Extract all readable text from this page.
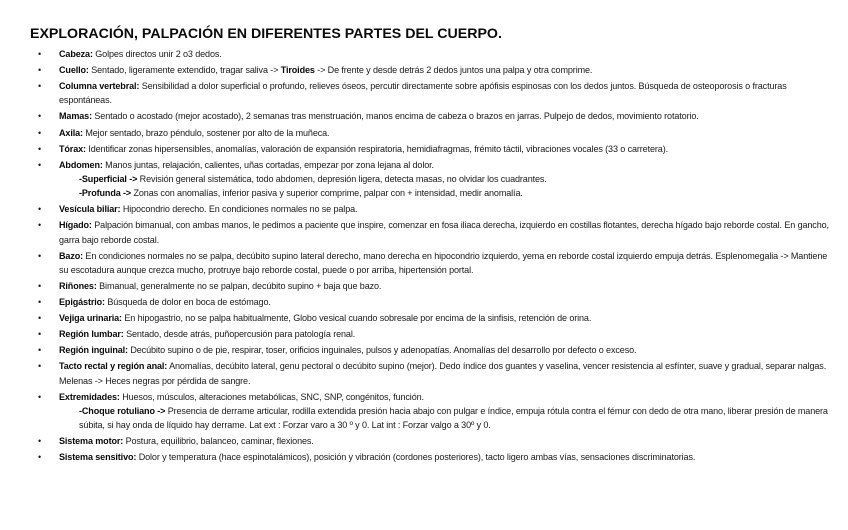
EXPLORACIÓN, PALPACIÓN EN DIFERENTES PARTES DEL CUERPO.
• Cabeza: Golpes directos unir 2 o3 dedos.
• Cuello: Sentado, ligeramente extendido, tragar saliva -> Tiroides -> De frente y desde detrás 2 dedos juntos una palpa y otra comprime.
• Columna vertebral: Sensibilidad a dolor superficial o profundo, relieves óseos, percutir directamente sobre apófisis espinosas con los dedos juntos. Búsqueda de osteoporosis o fracturas espontáneas.
• Mamas: Sentado o acostado (mejor acostado), 2 semanas tras menstruación, manos encima de cabeza o brazos en jarras. Pulpejo de dedos, movimiento rotatorio.
• Axila: Mejor sentado, brazo péndulo, sostener por alto de la muñeca.
• Tórax: Identificar zonas hipersensibles, anomalías, valoración de expansión respiratoria, hemidiafragmas, frémito táctil, vibraciones vocales (33 o carretera).
• Abdomen: Manos juntas, relajación, calientes, uñas cortadas, empezar por zona lejana al dolor.
-Superficial -> Revisión general sistemática, todo abdomen, depresión ligera, detecta masas, no olvidar los cuadrantes.
-Profunda -> Zonas con anomalías, inferior pasiva y superior comprime, palpar con + intensidad, medir anomalía.
• Vesícula biliar: Hipocondrio derecho. En condiciones normales no se palpa.
• Hígado: Palpación bimanual, con ambas manos, le pedimos a paciente que inspire, comenzar en fosa iliaca derecha, izquierdo en costillas flotantes, derecha hígado bajo reborde costal. En gancho, garra bajo reborde costal.
• Bazo: En condiciones normales no se palpa, decúbito supino lateral derecho, mano derecha en hipocondrio izquierdo, yema en reborde costal izquierdo empuja detrás. Esplenomegalia -> Mantiene su escotadura aunque crezca mucho, protruye bajo reborde costal, puede o por arriba, hipertensión portal.
• Riñones: Bimanual, generalmente no se palpan, decúbito supino + baja que bazo.
• Epigástrio: Búsqueda de dolor en boca de estómago.
• Vejiga urinaria: En hipogastrio, no se palpa habitualmente, Globo vesical cuando sobresale por encima de la sinfisis, retención de orina.
• Región lumbar: Sentado, desde atrás, puñopercusión para patología renal.
• Región inguinal: Decúbito supino o de pie, respirar, toser, orificios inguinales, pulsos y adenopatías. Anomalías del desarrollo por defecto o exceso.
• Tacto rectal y región anal: Anomalías, decúbito lateral, genu pectoral o decúbito supino (mejor). Dedo índice dos guantes y vaselina, vencer resistencia al esfínter, suave y gradual, separar nalgas. Melenas -> Heces negras por pérdida de sangre.
• Extremidades: Huesos, músculos, alteraciones metabólicas, SNC, SNP, congénitos, función.
-Choque rotuliano -> Presencia de derrame articular, rodilla extendida presión hacia abajo con pulgar e índice, empuja rótula contra el fémur con dedo de otra mano, liberar presión de manera súbita, si hay onda de líquido hay derrame. Lat ext : Forzar varo a 30 º y 0. Lat int : Forzar valgo a 30º y 0.
• Sistema motor: Postura, equilibrio, balanceo, caminar, flexiones.
• Sistema sensitivo: Dolor y temperatura (hace espinotalámicos), posición y vibración (cordones posteriores), tacto ligero ambas vías, sensaciones discriminatorias.
